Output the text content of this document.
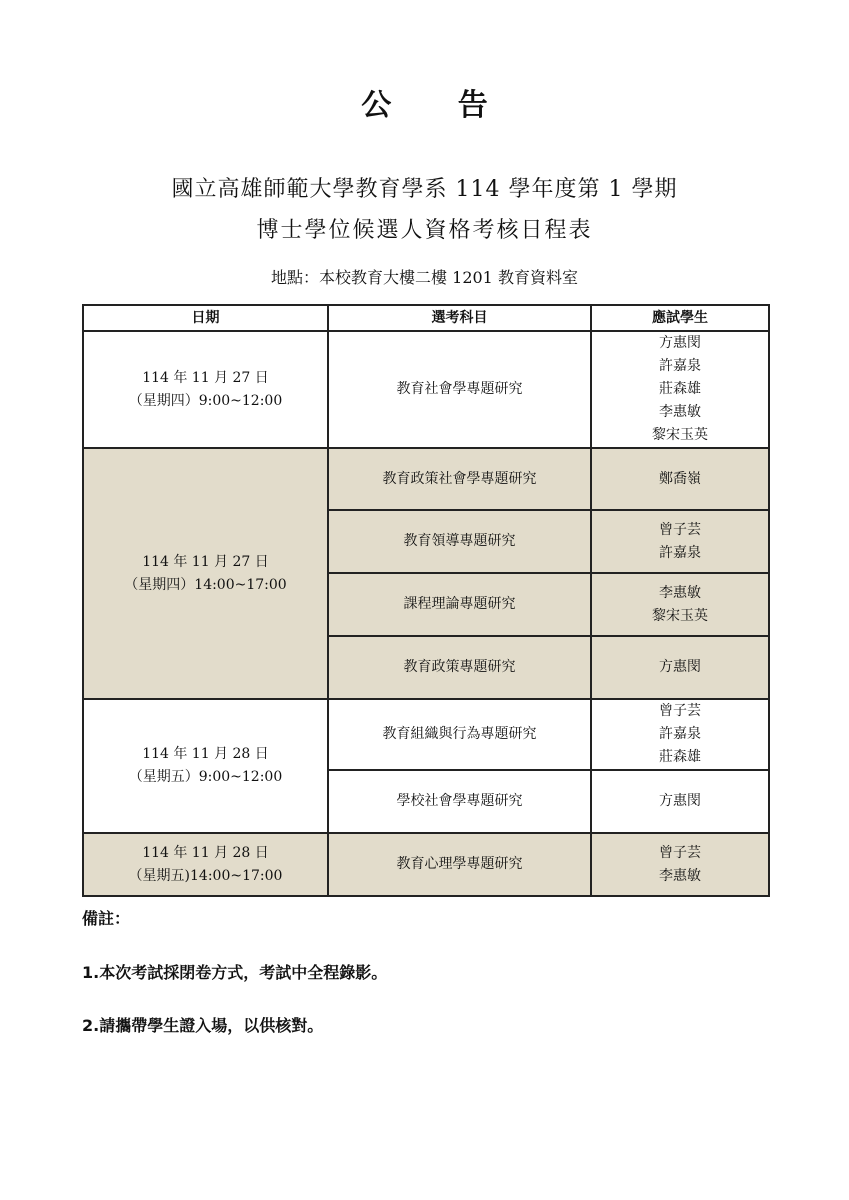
公 告
國立高雄師範大學教育學系 114 學年度第 1 學期
博士學位候選人資格考核日程表

地點：本校教育大樓二樓 1201 教育資料室

日期	選考科目	應試學生

114 年 11 月 27 日
（星期四）9:00~12:00	教育社會學專題研究	方惠閔
許嘉泉
莊森雄
李惠敏
黎宋玉英

114 年 11 月 27 日
（星期四）14:00~17:00	教育政策社會學專題研究	鄭喬嶺

	教育領導專題研究	曾子芸
許嘉泉

	課程理論專題研究	李惠敏
黎宋玉英

	教育政策專題研究	方惠閔

114 年 11 月 28 日
（星期五）9:00~12:00	教育組織與行為專題研究	曾子芸
許嘉泉
莊森雄

	學校社會學專題研究	方惠閔

114 年 11 月 28 日
（星期五)14:00~17:00	教育心理學專題研究	曾子芸
李惠敏

備註：

1.本次考試採閉卷方式，考試中全程錄影。

2.請攜帶學生證入場，以供核對。
